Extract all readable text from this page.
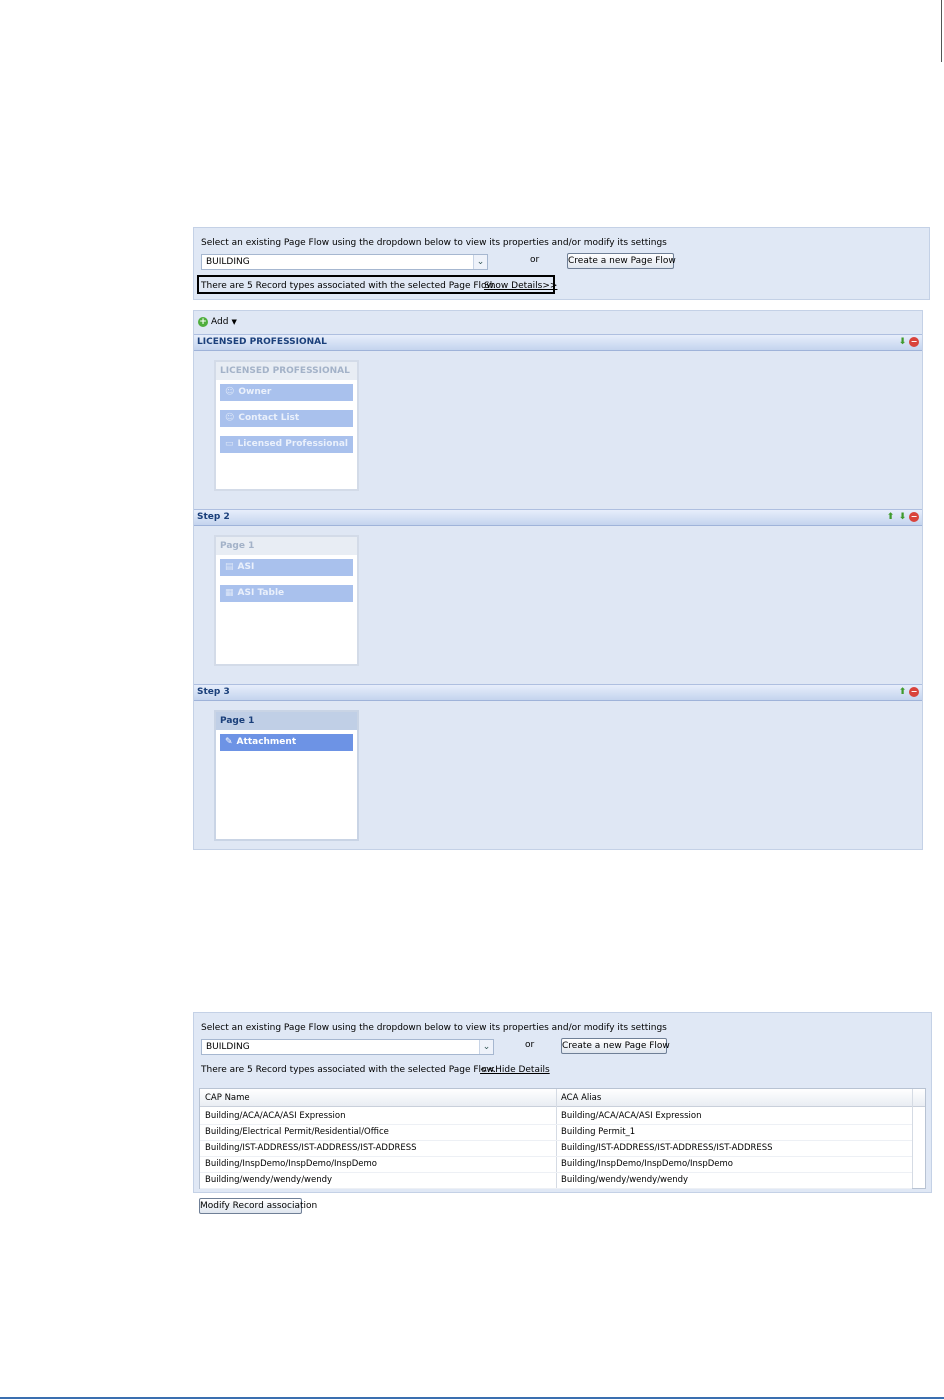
Select an existing Page Flow using the dropdown below to view its properties and/or modify its settings
BUILDING	⌄	or	Create a new Page Flow
There are 5 Record types associated with the selected Page Flow.
Show Details>>
+ Add ▼
LICENSED PROFESSIONAL	⬇ −
LICENSED PROFESSIONAL
☺ Owner
☺ Contact List
▭ Licensed Professional
Step 2	⬆ ⬇ −
Page 1
▤ ASI
▦ ASI Table
Step 3	⬆ −
Page 1
✎ Attachment
Select an existing Page Flow using the dropdown below to view its properties and/or modify its settings
BUILDING	⌄	or	Create a new Page Flow
There are 5 Record types associated with the selected Page Flow.
<<Hide Details
CAP Name	ACA Alias
Building/ACA/ACA/ASI Expression	Building/ACA/ACA/ASI Expression
Building/Electrical Permit/Residential/Office	Building Permit_1
Building/IST-ADDRESS/IST-ADDRESS/IST-ADDRESS	Building/IST-ADDRESS/IST-ADDRESS/IST-ADDRESS
Building/InspDemo/InspDemo/InspDemo	Building/InspDemo/InspDemo/InspDemo
Building/wendy/wendy/wendy	Building/wendy/wendy/wendy
Modify Record association
